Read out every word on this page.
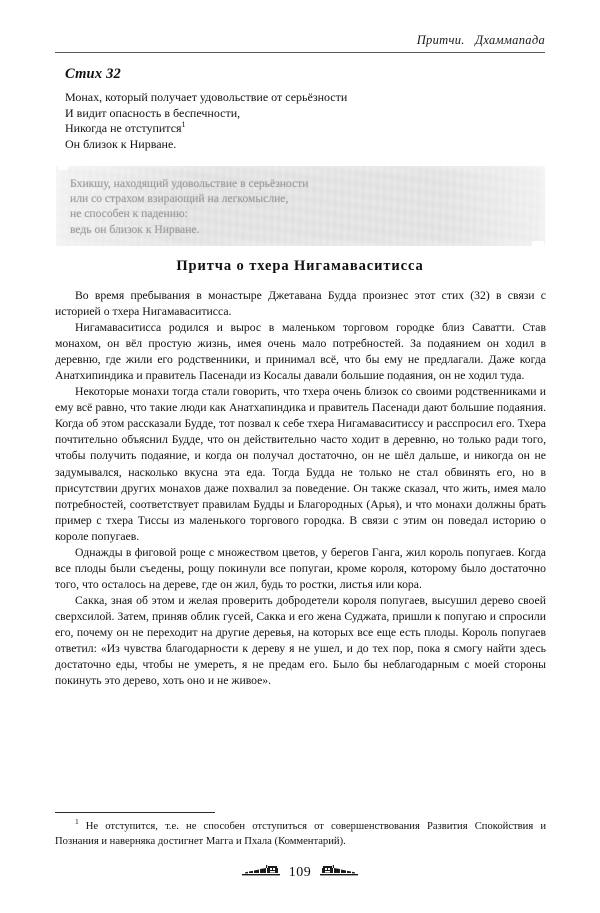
Притчи. Дхаммапада
Стих 32
Монах, который получает удовольствие от серьёзности
И видит опасность в беспечности,
Никогда не отступится$^1$
Он близок к Нирване.
Бхикшу, находящий удовольствие в серьёзности
или со страхом взирающий на легкомыслие,
не способен к падению:
ведь он близок к Нирване.
Притча о тхера Нигамаваситисса

Во время пребывания в монастыре Джетавана Будда произнес этот стих (32) в связи с историей о тхера Нигамаваситисса.

Нигамаваситисса родился и вырос в маленьком торговом городке близ Саватти. Став монахом, он вёл простую жизнь, имея очень мало потребностей. За подаянием он ходил в деревню, где жили его родственники, и принимал всё, что бы ему не предлагали. Даже когда Анатхипиндика и правитель Пасенади из Косалы давали большие подаяния, он не ходил туда.

Некоторые монахи тогда стали говорить, что тхера очень близок со своими родственниками и ему всё равно, что такие люди как Анатхапиндика и правитель Пасенади дают большие подаяния. Когда об этом рассказали Будде, тот позвал к себе тхера Нигамаваситиссу и расспросил его. Тхера почтительно объяснил Будде, что он действительно часто ходит в деревню, но только ради того, чтобы получить подаяние, и когда он получал достаточно, он не шёл дальше, и никогда он не задумывался, насколько вкусна эта еда. Тогда Будда не только не стал обвинять его, но в присутствии других монахов даже похвалил за поведение. Он также сказал, что жить, имея мало потребностей, соответствует правилам Будды и Благородных (Арья), и что монахи должны брать пример с тхера Тиссы из маленького торгового городка. В связи с этим он поведал историю о короле попугаев.

Однажды в фиговой роще с множеством цветов, у берегов Ганга, жил король попугаев. Когда все плоды были съедены, рощу покинули все попугаи, кроме короля, которому было достаточно того, что осталось на дереве, где он жил, будь то ростки, листья или кора.

Сакка, зная об этом и желая проверить добродетели короля попугаев, высушил дерево своей сверхсилой. Затем, приняв облик гусей, Сакка и его жена Суджата, пришли к попугаю и спросили его, почему он не переходит на другие деревья, на которых все еще есть плоды. Король попугаев ответил: «Из чувства благодарности к дереву я не ушел, и до тех пор, пока я смогу найти здесь достаточно еды, чтобы не умереть, я не предам его. Было бы неблагодарным с моей стороны покинуть это дерево, хоть оно и не живое».

$^1$ Не отступится, т.е. не способен отступиться от совершенствования Развития Спокойствия и Познания и наверняка достигнет Магга и Пхала (Комментарий).
109
